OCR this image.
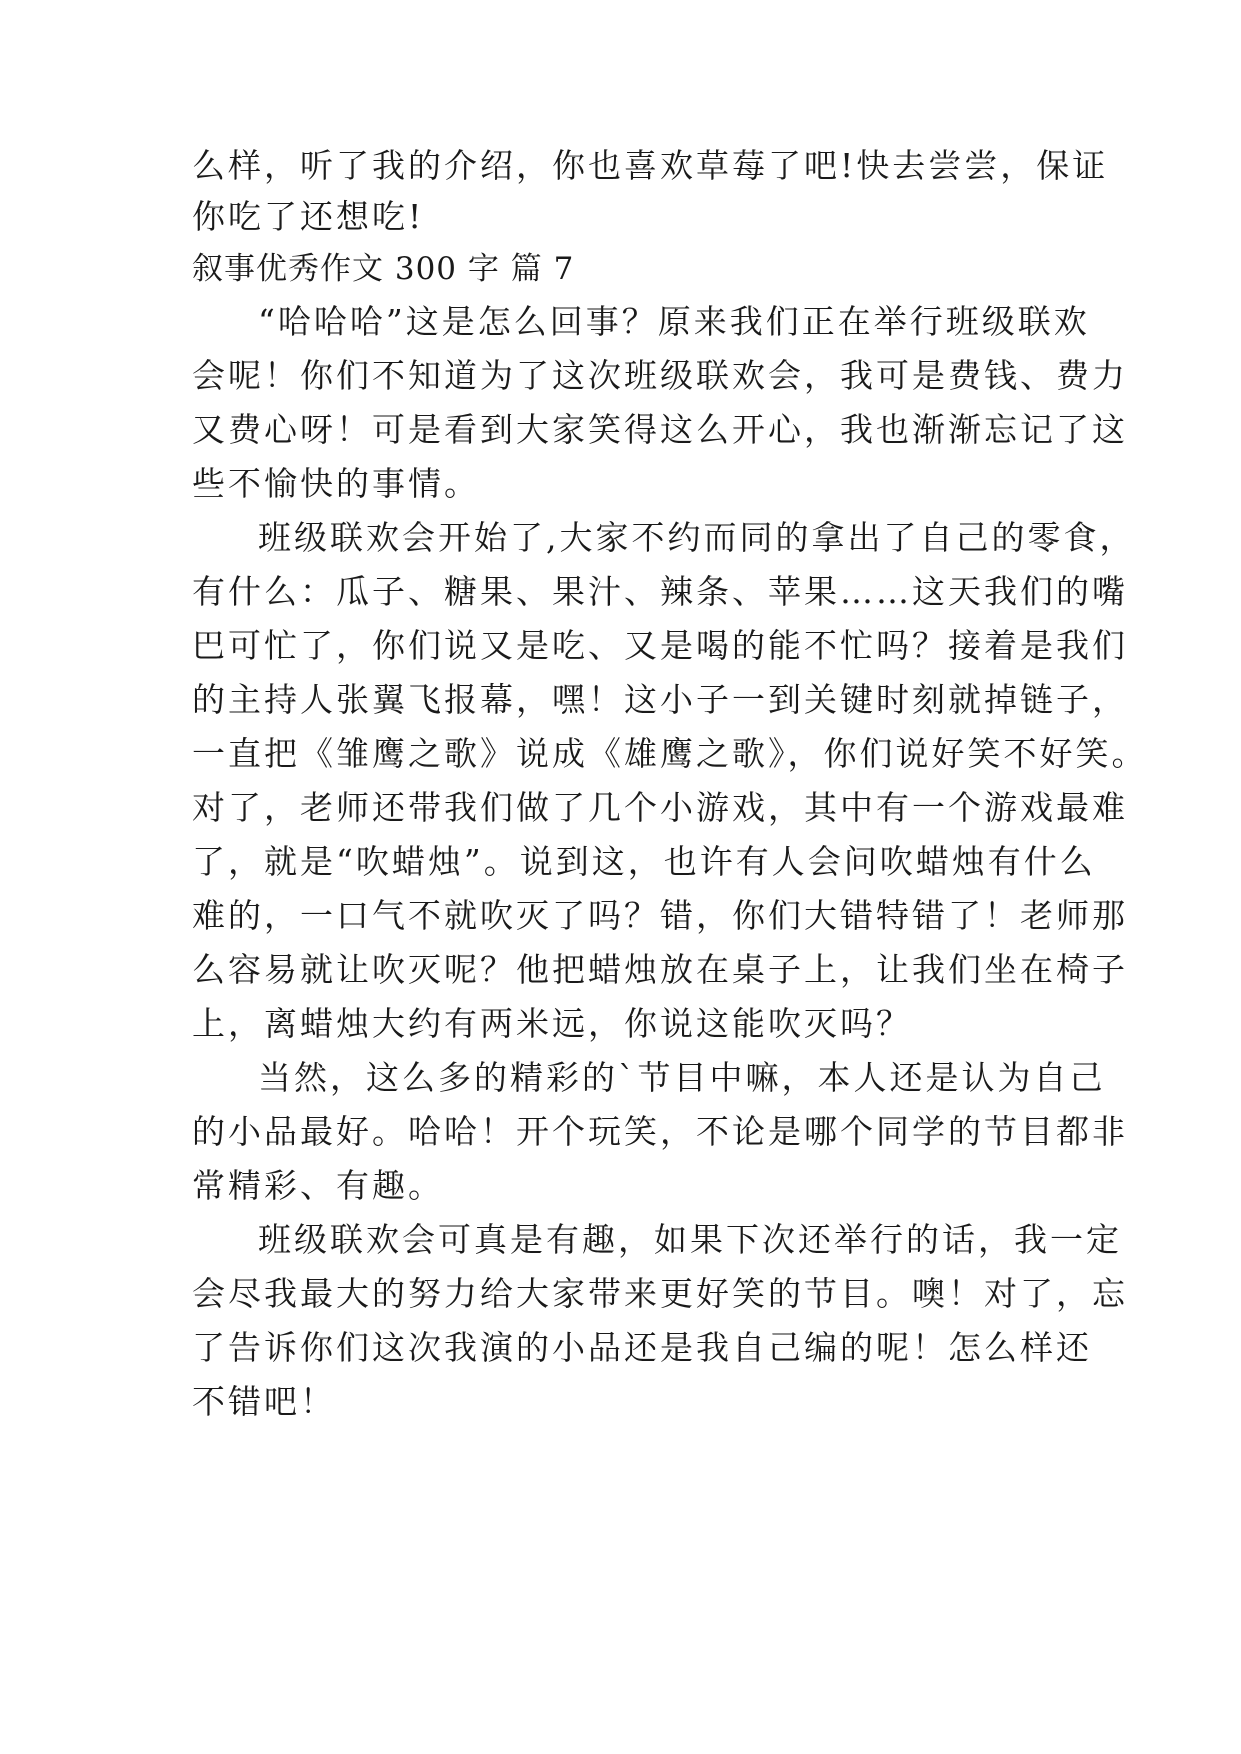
么样，听了我的介绍，你也喜欢草莓了吧!快去尝尝，保证
你吃了还想吃!
叙事优秀作文 300 字 篇 7
“哈哈哈”这是怎么回事？原来我们正在举行班级联欢
会呢！你们不知道为了这次班级联欢会，我可是费钱、费力
又费心呀！可是看到大家笑得这么开心，我也渐渐忘记了这
些不愉快的事情。
班级联欢会开始了,大家不约而同的拿出了自己的零食，
有什么：瓜子、糖果、果汁、辣条、苹果……这天我们的嘴
巴可忙了，你们说又是吃、又是喝的能不忙吗？接着是我们
的主持人张翼飞报幕，嘿！这小子一到关键时刻就掉链子，
一直把《雏鹰之歌》说成《雄鹰之歌》，你们说好笑不好笑。
对了，老师还带我们做了几个小游戏，其中有一个游戏最难
了，就是“吹蜡烛”。说到这，也许有人会问吹蜡烛有什么
难的，一口气不就吹灭了吗？错，你们大错特错了！老师那
么容易就让吹灭呢？他把蜡烛放在桌子上，让我们坐在椅子
上，离蜡烛大约有两米远，你说这能吹灭吗？
当然，这么多的精彩的`节目中嘛，本人还是认为自己
的小品最好。哈哈！开个玩笑，不论是哪个同学的节目都非
常精彩、有趣。
班级联欢会可真是有趣，如果下次还举行的话，我一定
会尽我最大的努力给大家带来更好笑的节目。噢！对了，忘
了告诉你们这次我演的小品还是我自己编的呢！怎么样还
不错吧！
